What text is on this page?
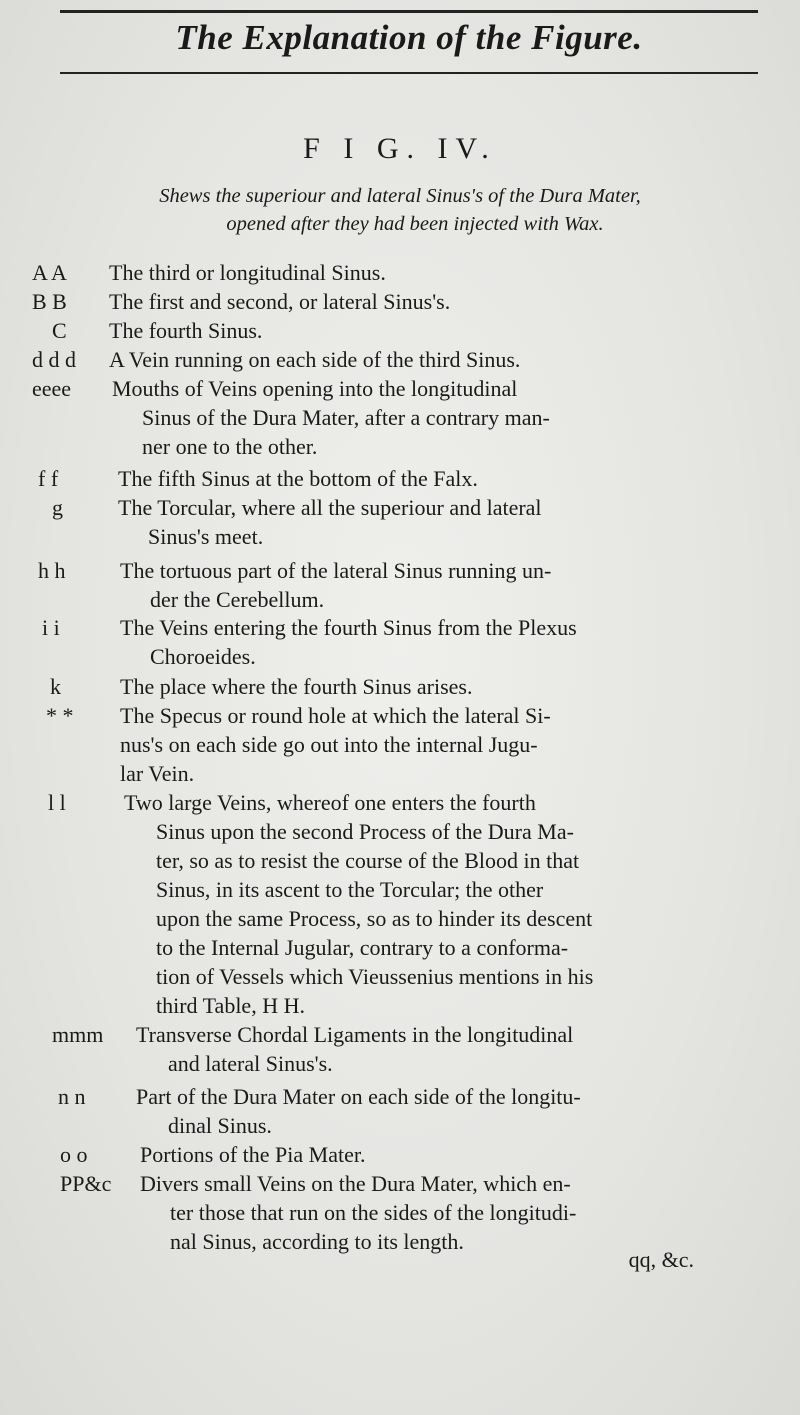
The Explanation of the Figure.
F I G. IV.
Shews the superiour and lateral Sinus's of the Dura Mater,
opened after they had been injected with Wax.
A A	The third or longitudinal Sinus.
B B	The first and second, or lateral Sinus's.
C	The fourth Sinus.
d d d	A Vein running on each side of the third Sinus.
eeee	Mouths of Veins opening into the longitudinal
Sinus of the Dura Mater, after a contrary man-
ner one to the other.
f f	The fifth Sinus at the bottom of the Falx.
g	The Torcular, where all the superiour and lateral
Sinus's meet.
h h	The tortuous part of the lateral Sinus running un-
der the Cerebellum.
i i	The Veins entering the fourth Sinus from the Plexus
Choroeides.
k	The place where the fourth Sinus arises.
* *	The Specus or round hole at which the lateral Si-
nus's on each side go out into the internal Jugu-
lar Vein.
l l	Two large Veins, whereof one enters the fourth
Sinus upon the second Process of the Dura Ma-
ter, so as to resist the course of the Blood in that
Sinus, in its ascent to the Torcular; the other
upon the same Process, so as to hinder its descent
to the Internal Jugular, contrary to a conforma-
tion of Vessels which Vieussenius mentions in his
third Table, H H.
mmm	Transverse Chordal Ligaments in the longitudinal
and lateral Sinus's.
n n	Part of the Dura Mater on each side of the longitu-
dinal Sinus.
o o	Portions of the Pia Mater.
PP&c	Divers small Veins on the Dura Mater, which en-
ter those that run on the sides of the longitudi-
nal Sinus, according to its length.
qq, &c.
